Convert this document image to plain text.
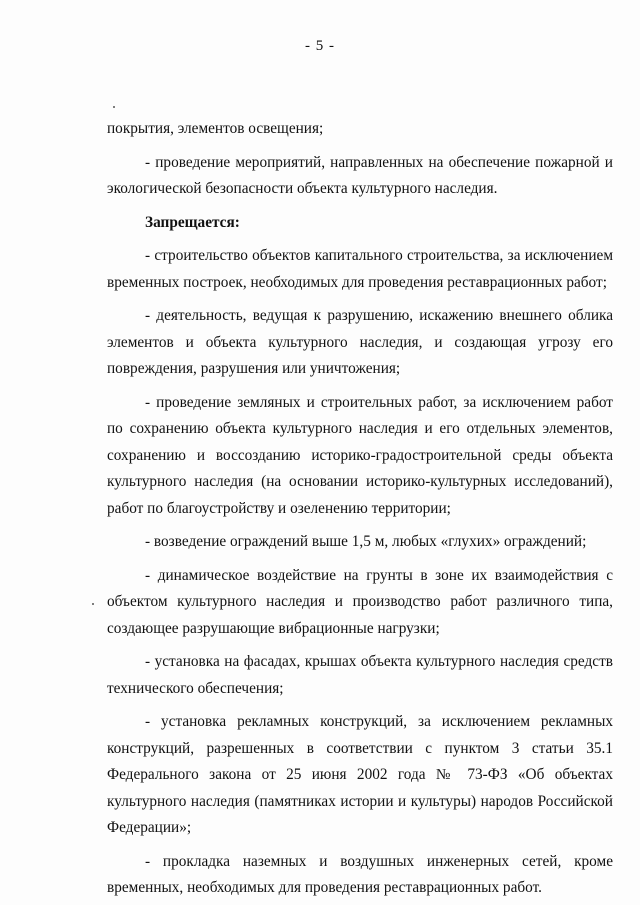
- 5 -

покрытия, элементов освещения;

- проведение мероприятий, направленных на обеспечение пожарной и экологической безопасности объекта культурного наследия.

Запрещается:

- строительство объектов капитального строительства, за исключением временных построек, необходимых для проведения реставрационных работ;

- деятельность, ведущая к разрушению, искажению внешнего облика элементов и объекта культурного наследия, и создающая угрозу его повреждения, разрушения или уничтожения;

- проведение земляных и строительных работ, за исключением работ по сохранению объекта культурного наследия и его отдельных элементов, сохранению и воссозданию историко-градостроительной среды объекта культурного наследия (на основании историко-культурных исследований), работ по благоустройству и озеленению территории;

- возведение ограждений выше 1,5 м, любых «глухих» ограждений;

- динамическое воздействие на грунты в зоне их взаимодействия с объектом культурного наследия и производство работ различного типа, создающее разрушающие вибрационные нагрузки;

- установка на фасадах, крышах объекта культурного наследия средств технического обеспечения;

- установка рекламных конструкций, за исключением рекламных конструкций, разрешенных в соответствии с пунктом 3 статьи 35.1 Федерального закона от 25 июня 2002 года № 73-ФЗ «Об объектах культурного наследия (памятниках истории и культуры) народов Российской Федерации»;

- прокладка наземных и воздушных инженерных сетей, кроме временных, необходимых для проведения реставрационных работ.
